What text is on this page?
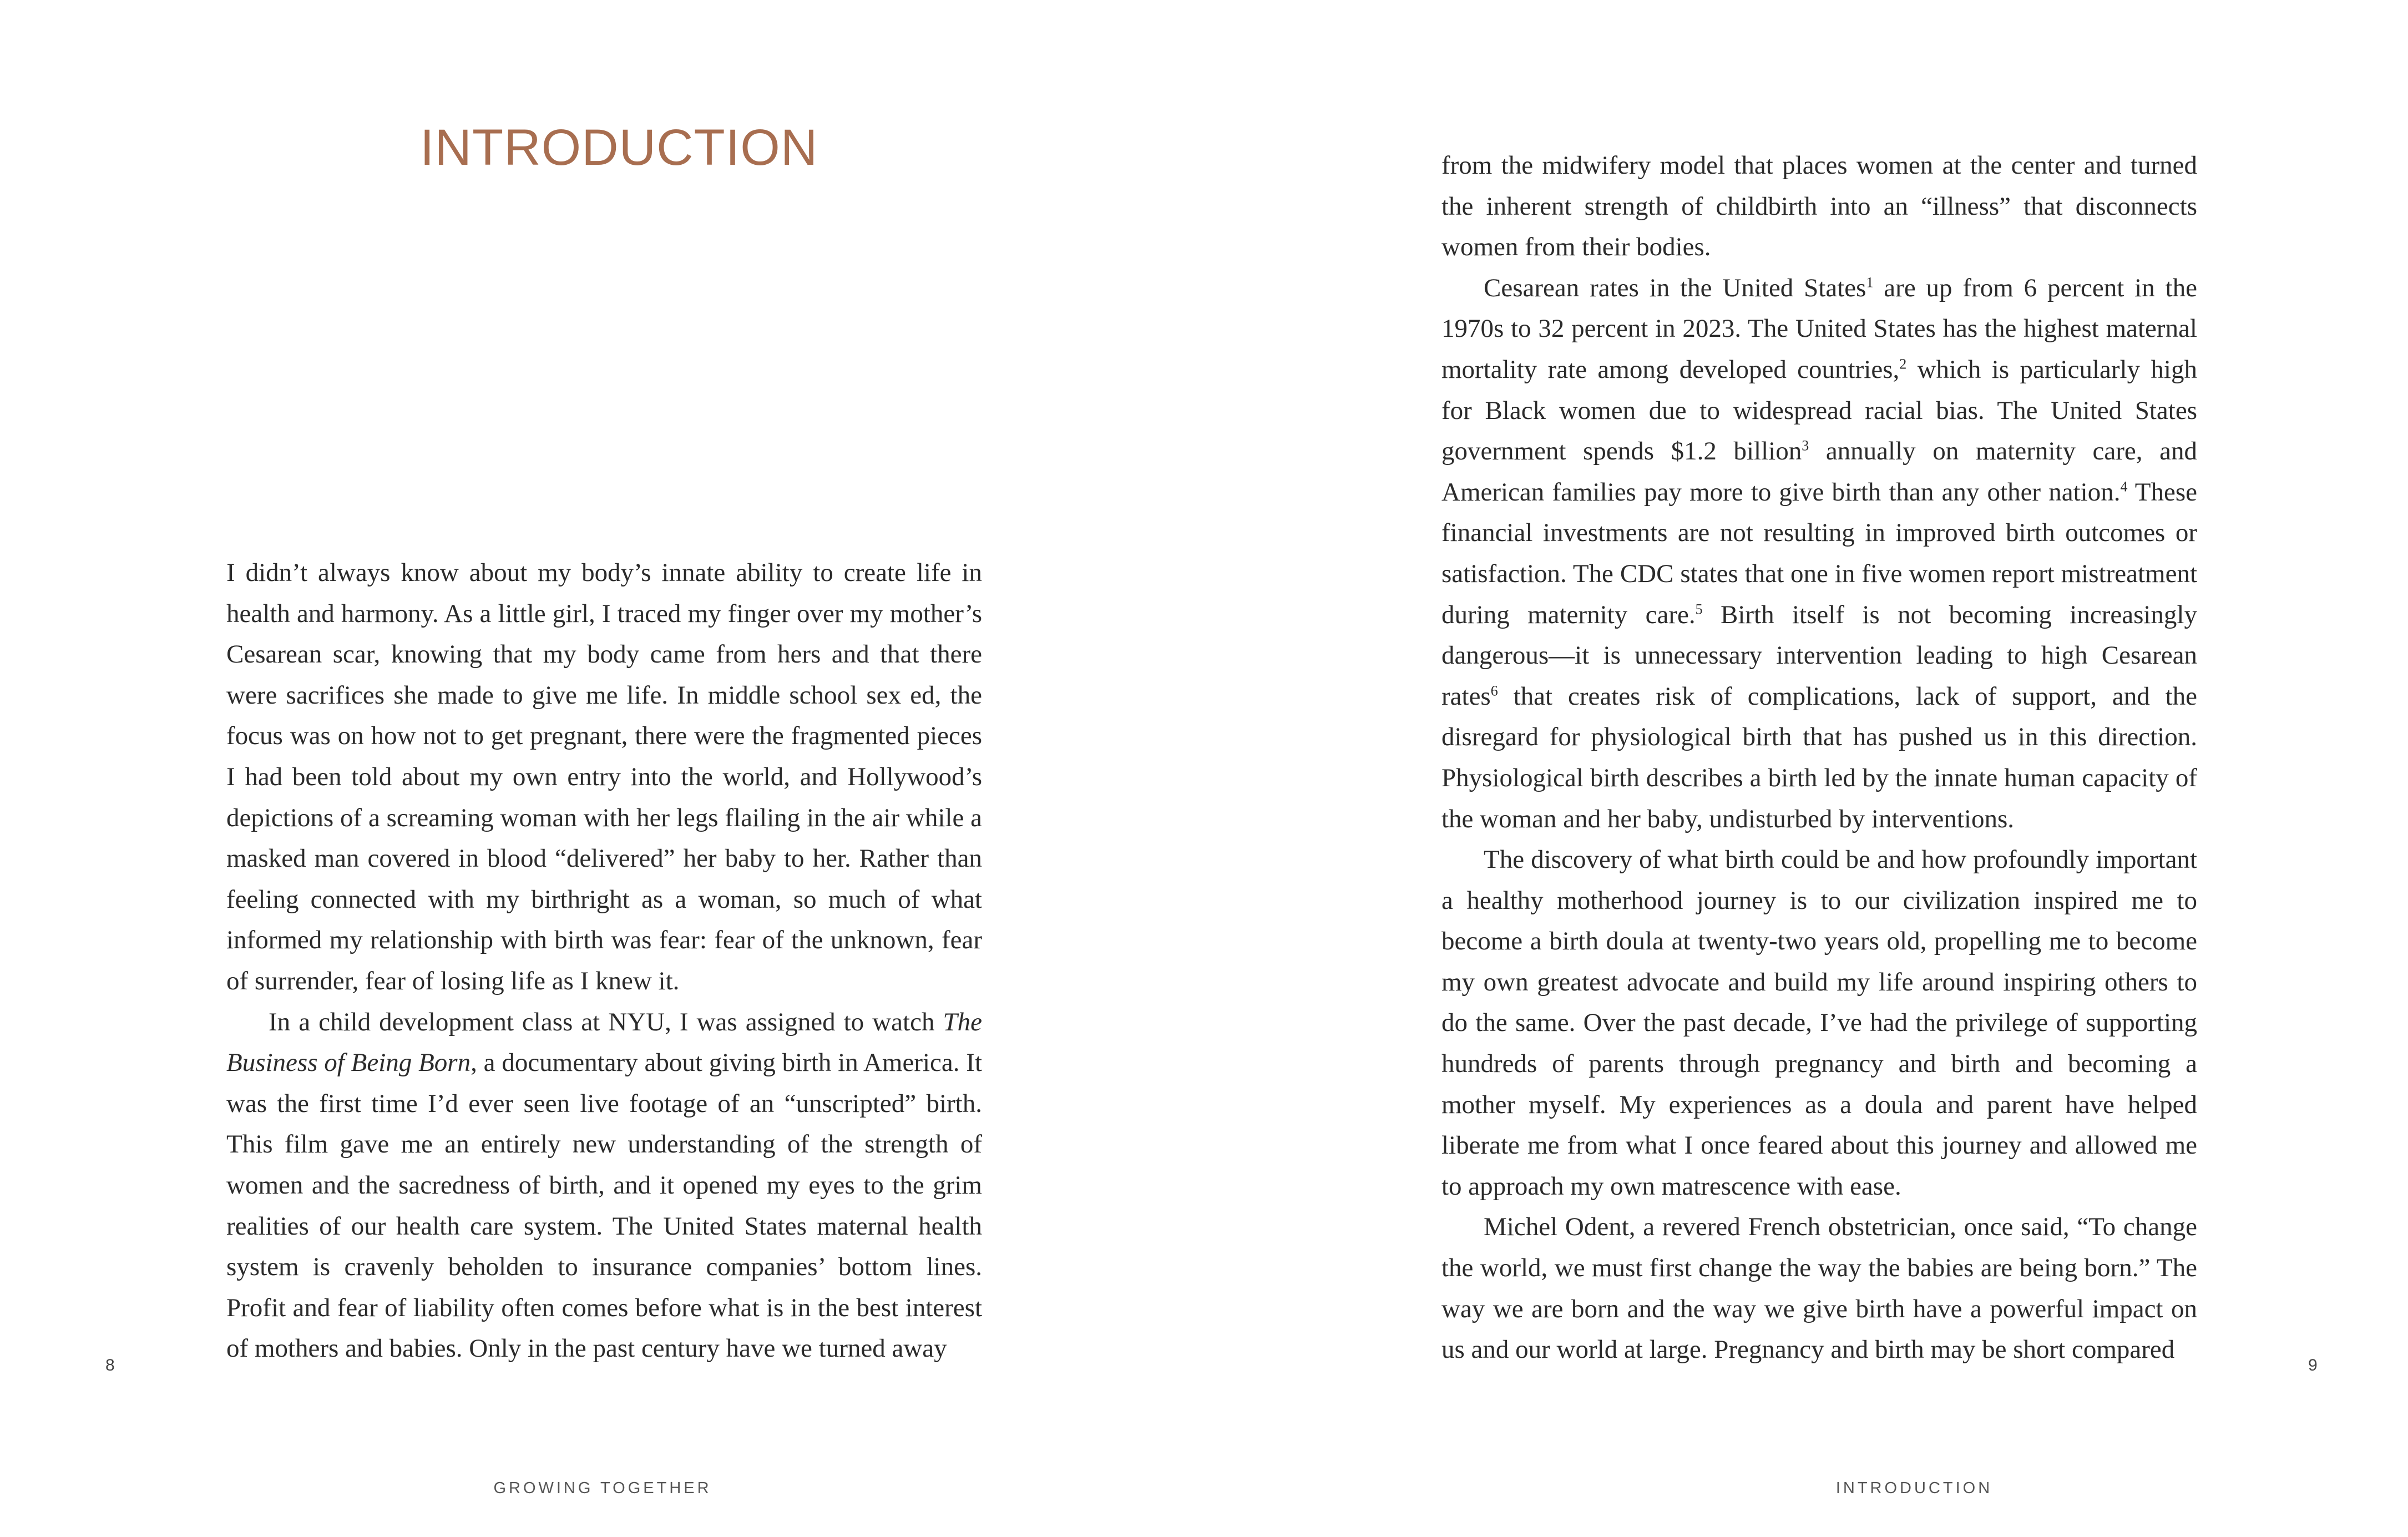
INTRODUCTION

I didn’t always know about my body’s innate ability to create life in health and harmony. As a little girl, I traced my finger over my mother’s Cesarean scar, knowing that my body came from hers and that there were sacrifices she made to give me life. In middle school sex ed, the focus was on how not to get pregnant, there were the fragmented pieces I had been told about my own entry into the world, and Hollywood’s depictions of a screaming woman with her legs flailing in the air while a masked man covered in blood “delivered” her baby to her. Rather than feeling connected with my birthright as a woman, so much of what informed my relationship with birth was fear: fear of the unknown, fear of surrender, fear of losing life as I knew it.

In a child development class at NYU, I was assigned to watch The Business of Being Born, a documentary about giving birth in America. It was the first time I’d ever seen live footage of an “unscripted” birth. This film gave me an entirely new understanding of the strength of women and the sacredness of birth, and it opened my eyes to the grim realities of our health care system. The United States maternal health system is cravenly beholden to insurance companies’ bottom lines. Profit and fear of liability often comes before what is in the best interest of mothers and babies. Only in the past century have we turned away

8
GROWING TOGETHER

from the midwifery model that places women at the center and turned the inherent strength of childbirth into an “illness” that disconnects women from their bodies.

Cesarean rates in the United States$^1$ are up from 6 percent in the 1970s to 32 percent in 2023. The United States has the highest maternal mortality rate among developed countries,$^2$ which is particularly high for Black women due to widespread racial bias. The United States government spends $1.2 billion$^3$ annually on maternity care, and American families pay more to give birth than any other nation.$^4$ These financial investments are not resulting in improved birth outcomes or satisfaction. The CDC states that one in five women report mistreatment during maternity care.$^5$ Birth itself is not becoming increasingly dangerous—it is unnecessary intervention leading to high Cesarean rates$^6$ that creates risk of complications, lack of support, and the disregard for physiological birth that has pushed us in this direction. Physiological birth describes a birth led by the innate human capacity of the woman and her baby, undisturbed by interventions.

The discovery of what birth could be and how profoundly important a healthy motherhood journey is to our civilization inspired me to become a birth doula at twenty-two years old, propelling me to become my own greatest advocate and build my life around inspiring others to do the same. Over the past decade, I’ve had the privilege of supporting hundreds of parents through pregnancy and birth and becoming a mother myself. My experiences as a doula and parent have helped liberate me from what I once feared about this journey and allowed me to approach my own matrescence with ease.

Michel Odent, a revered French obstetrician, once said, “To change the world, we must first change the way the babies are being born.” The way we are born and the way we give birth have a powerful impact on us and our world at large. Pregnancy and birth may be short compared

9
INTRODUCTION
